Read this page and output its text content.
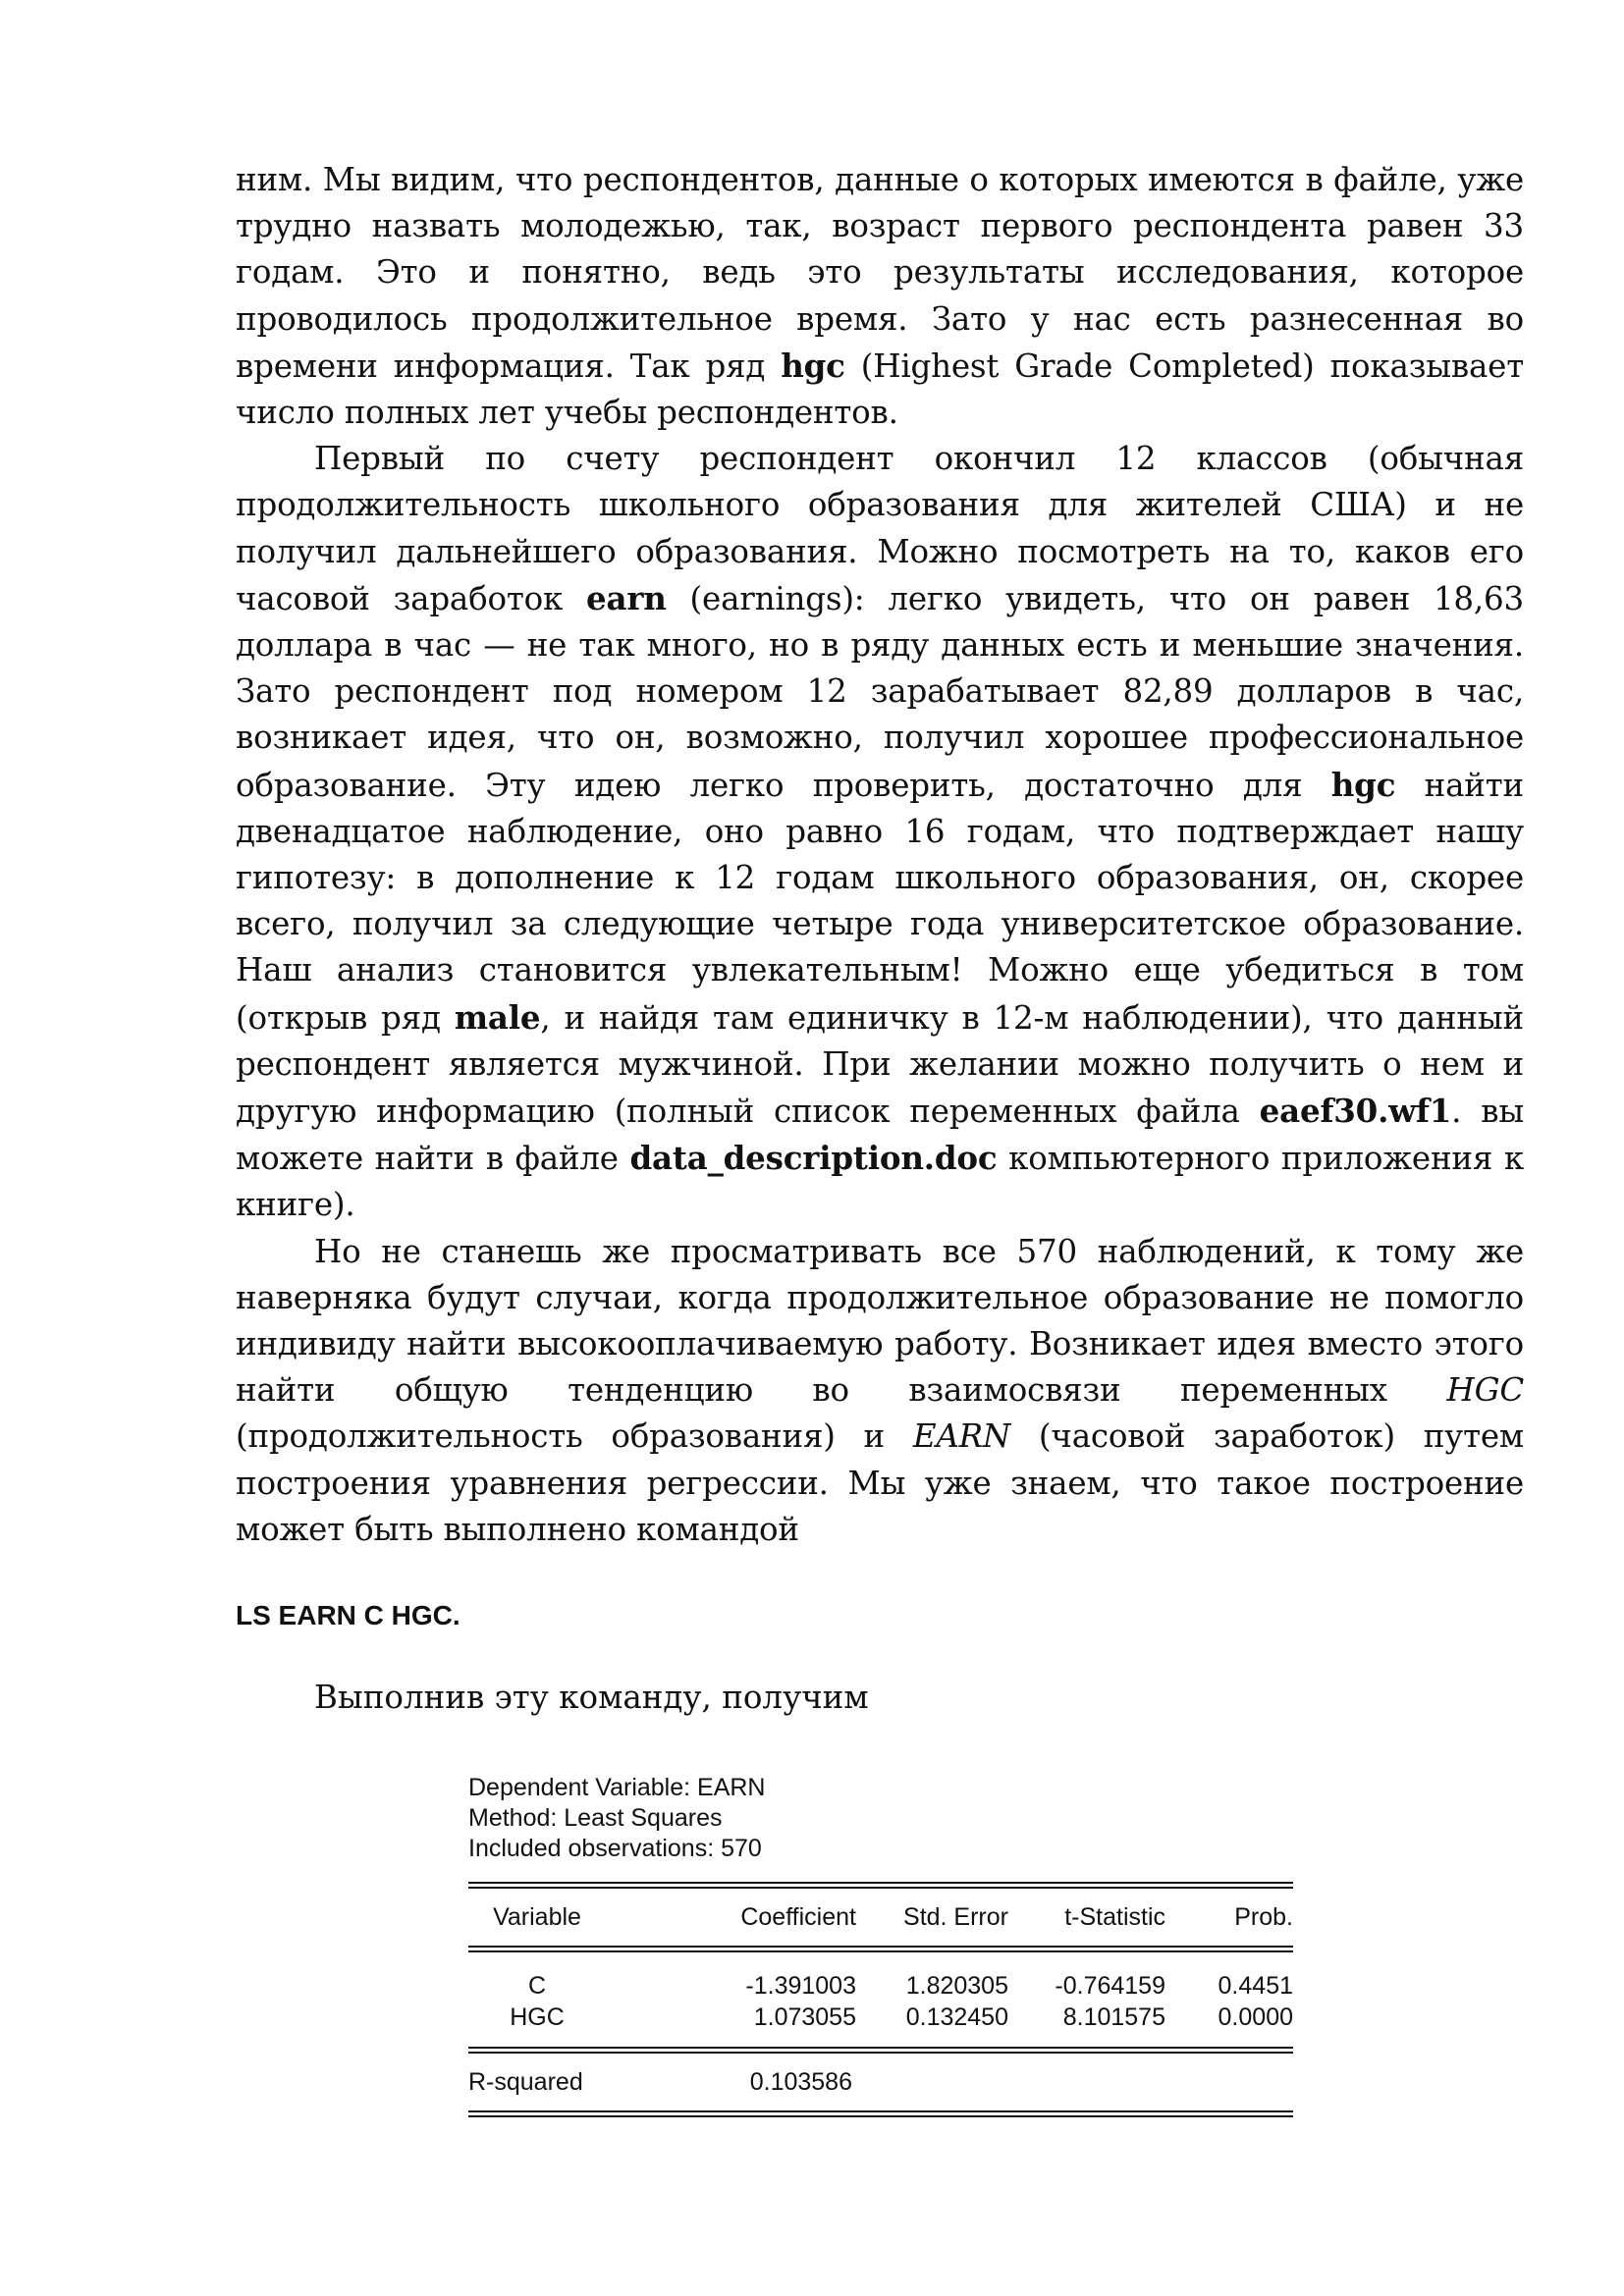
ним. Мы видим, что респондентов, данные о которых имеются в файле, уже трудно назвать молодежью, так, возраст первого респондента равен 33 годам. Это и понятно, ведь это результаты исследования, которое проводилось продолжительное время. Зато у нас есть разнесенная во времени информация. Так ряд hgc (Highest Grade Completed) показывает число полных лет учебы респондентов.

Первый по счету респондент окончил 12 классов (обычная продолжительность школьного образования для жителей США) и не получил дальнейшего образования. Можно посмотреть на то, каков его часовой заработок earn (earnings): легко увидеть, что он равен 18,63 доллара в час — не так много, но в ряду данных есть и меньшие значения. Зато респондент под номером 12 зарабатывает 82,89 долларов в час, возникает идея, что он, возможно, получил хорошее профессиональное образование. Эту идею легко проверить, достаточно для hgc найти двенадцатое наблюдение, оно равно 16 годам, что подтверждает нашу гипотезу: в дополнение к 12 годам школьного образования, он, скорее всего, получил за следующие четыре года университетское образование. Наш анализ становится увлекательным! Можно еще убедиться в том (открыв ряд male, и найдя там единичку в 12-м наблюдении), что данный респондент является мужчиной. При желании можно получить о нем и другую информацию (полный список переменных файла eaef30.wf1. вы можете найти в файле data_description.doc компьютерного приложения к книге).

Но не станешь же просматривать все 570 наблюдений, к тому же наверняка будут случаи, когда продолжительное образование не помогло индивиду найти высокооплачиваемую работу. Возникает идея вместо этого найти общую тенденцию во взаимосвязи переменных HGC (продолжительность образования) и EARN (часовой заработок) путем построения уравнения регрессии. Мы уже знаем, что такое построение может быть выполнено командой

LS EARN C HGC.
Выполнив эту команду, получим
Dependent Variable: EARN
Method: Least Squares
Included observations: 570
Variable	Coefficient	Std. Error	t-Statistic	Prob.
C	-1.391003	1.820305	-0.764159	0.4451
HGC	1.073055	0.132450	8.101575	0.0000
R-squared	0.103586			
